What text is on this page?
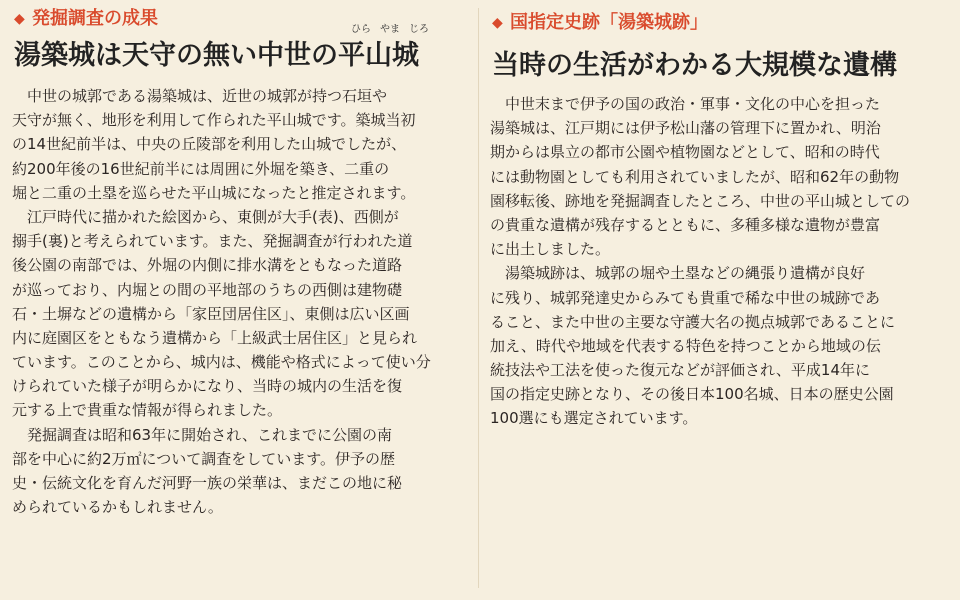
◆ 発掘調査の成果
ひら やま じろ
湯築城は天守の無い中世の平山城
　中世の城郭である湯築城は、近世の城郭が持つ石垣や
天守が無く、地形を利用して作られた平山城です。築城当初
の14世紀前半は、中央の丘陵部を利用した山城でしたが、
約200年後の16世紀前半には周囲に外堀を築き、二重の
堀と二重の土塁を巡らせた平山城になったと推定されます。
　江戸時代に描かれた絵図から、東側が大手(表)、西側が
搦手(裏)と考えられています。また、発掘調査が行われた道
後公園の南部では、外堀の内側に排水溝をともなった道路
が巡っており、内堀との間の平地部のうちの西側は建物礎
石・土塀などの遺構から「家臣団居住区」、東側は広い区画
内に庭園区をともなう遺構から「上級武士居住区」と見られ
ています。このことから、城内は、機能や格式によって使い分
けられていた様子が明らかになり、当時の城内の生活を復
元する上で貴重な情報が得られました。
　発掘調査は昭和63年に開始され、これまでに公園の南
部を中心に約2万㎡について調査をしています。伊予の歴
史・伝統文化を育んだ河野一族の栄華は、まだこの地に秘
められているかもしれません。
◆ 国指定史跡「湯築城跡」
当時の生活がわかる大規模な遺構
　中世末まで伊予の国の政治・軍事・文化の中心を担った
湯築城は、江戸期には伊予松山藩の管理下に置かれ、明治
期からは県立の都市公園や植物園などとして、昭和の時代
には動物園としても利用されていましたが、昭和62年の動物
園移転後、跡地を発掘調査したところ、中世の平山城としての
の貴重な遺構が残存するとともに、多種多様な遺物が豊富
に出土しました。
　湯築城跡は、城郭の堀や土塁などの縄張り遺構が良好
に残り、城郭発達史からみても貴重で稀な中世の城跡であ
ること、また中世の主要な守護大名の拠点城郭であることに
加え、時代や地域を代表する特色を持つことから地域の伝
統技法や工法を使った復元などが評価され、平成14年に
国の指定史跡となり、その後日本100名城、日本の歴史公園
100選にも選定されています。
